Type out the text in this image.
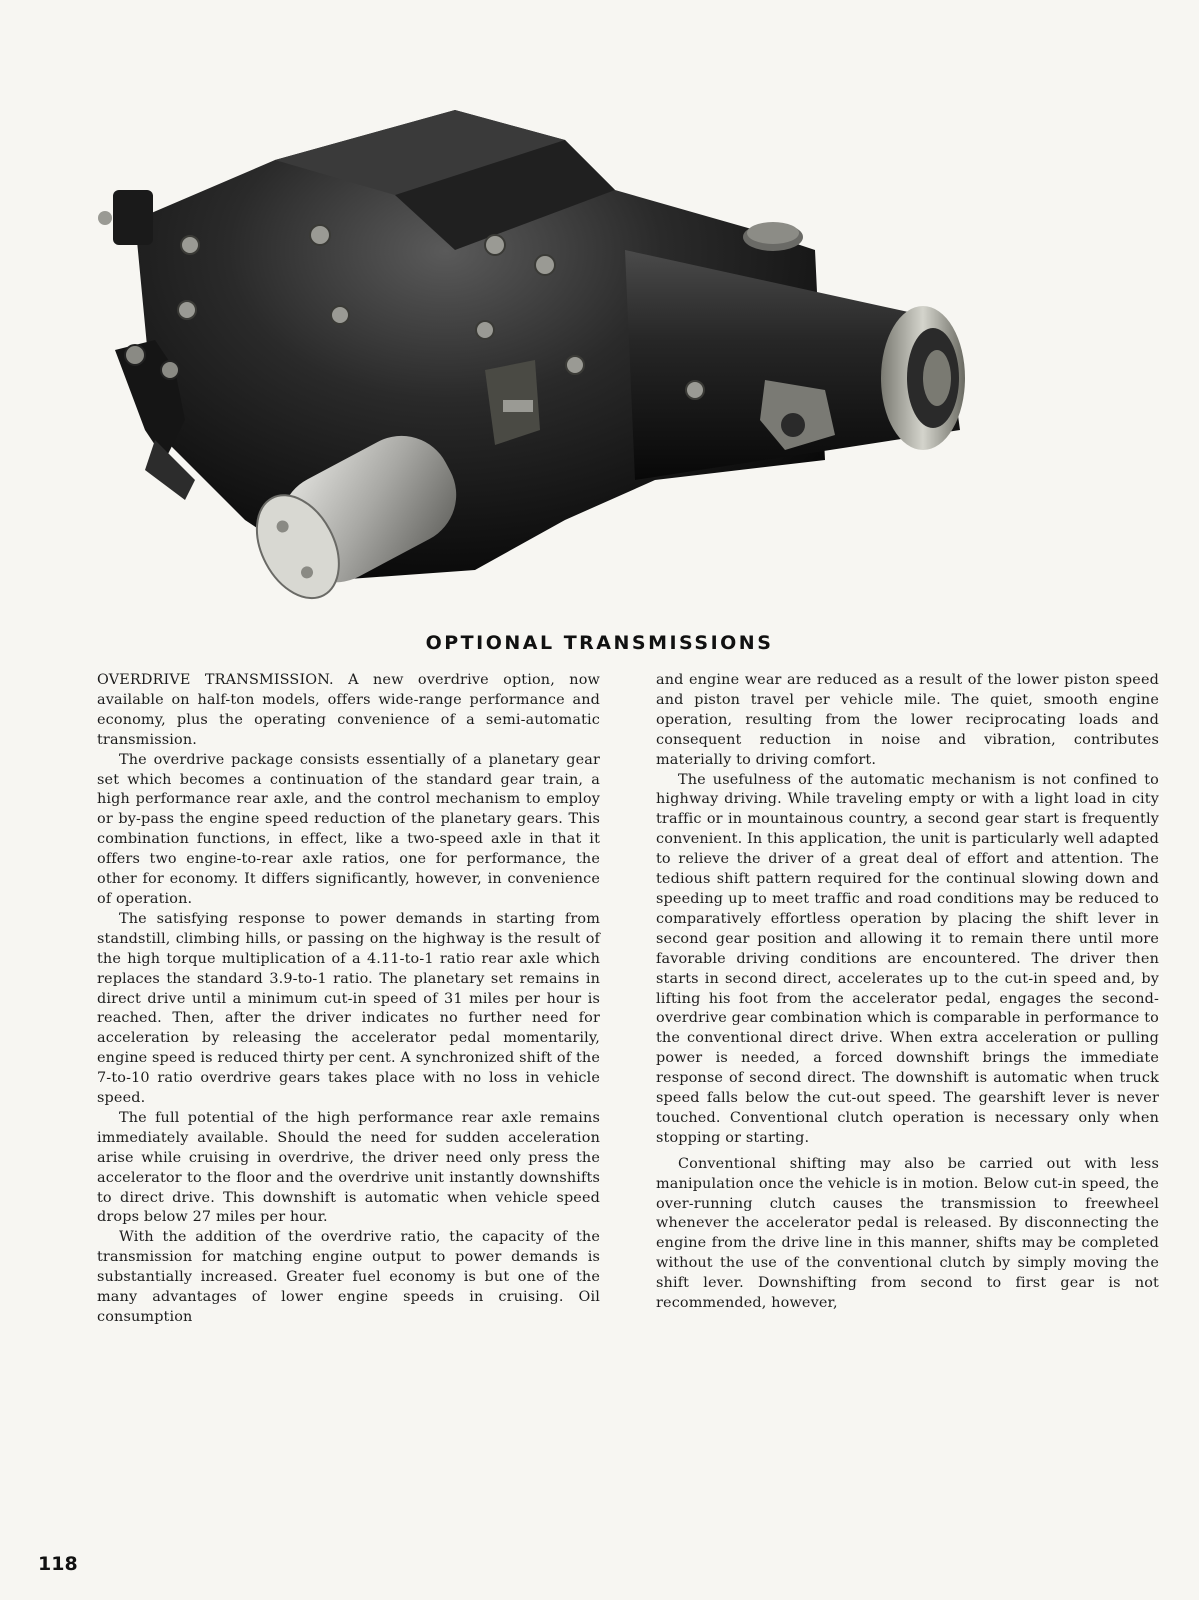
OPTIONAL TRANSMISSIONS

OVERDRIVE TRANSMISSION. A new overdrive option, now available on half-ton models, offers wide-range performance and economy, plus the operating convenience of a semi-automatic transmission.

The overdrive package consists essentially of a planetary gear set which becomes a continuation of the standard gear train, a high performance rear axle, and the control mechanism to employ or by-pass the engine speed reduction of the planetary gears. This combination functions, in effect, like a two-speed axle in that it offers two engine-to-rear axle ratios, one for performance, the other for economy. It differs significantly, however, in convenience of operation.

The satisfying response to power demands in starting from standstill, climbing hills, or passing on the highway is the result of the high torque multiplication of a 4.11-to-1 ratio rear axle which replaces the standard 3.9-to-1 ratio. The planetary set remains in direct drive until a minimum cut-in speed of 31 miles per hour is reached. Then, after the driver indicates no further need for acceleration by releasing the accelerator pedal momentarily, engine speed is reduced thirty per cent. A synchronized shift of the 7-to-10 ratio overdrive gears takes place with no loss in vehicle speed.

The full potential of the high performance rear axle remains immediately available. Should the need for sudden acceleration arise while cruising in overdrive, the driver need only press the accelerator to the floor and the overdrive unit instantly downshifts to direct drive. This downshift is automatic when vehicle speed drops below 27 miles per hour.

With the addition of the overdrive ratio, the capacity of the transmission for matching engine output to power demands is substantially increased. Greater fuel economy is but one of the many advantages of lower engine speeds in cruising. Oil consumption

and engine wear are reduced as a result of the lower piston speed and piston travel per vehicle mile. The quiet, smooth engine operation, resulting from the lower reciprocating loads and consequent reduction in noise and vibration, contributes materially to driving comfort.

The usefulness of the automatic mechanism is not confined to highway driving. While traveling empty or with a light load in city traffic or in mountainous country, a second gear start is frequently convenient. In this application, the unit is particularly well adapted to relieve the driver of a great deal of effort and attention. The tedious shift pattern required for the continual slowing down and speeding up to meet traffic and road conditions may be reduced to comparatively effortless operation by placing the shift lever in second gear position and allowing it to remain there until more favorable driving conditions are encountered. The driver then starts in second direct, accelerates up to the cut-in speed and, by lifting his foot from the accelerator pedal, engages the second-overdrive gear combination which is comparable in performance to the conventional direct drive. When extra acceleration or pulling power is needed, a forced downshift brings the immediate response of second direct. The downshift is automatic when truck speed falls below the cut-out speed. The gearshift lever is never touched. Conventional clutch operation is necessary only when stopping or starting.

Conventional shifting may also be carried out with less manipulation once the vehicle is in motion. Below cut-in speed, the over-running clutch causes the transmission to freewheel whenever the accelerator pedal is released. By disconnecting the engine from the drive line in this manner, shifts may be completed without the use of the conventional clutch by simply moving the shift lever. Downshifting from second to first gear is not recommended, however,

118
